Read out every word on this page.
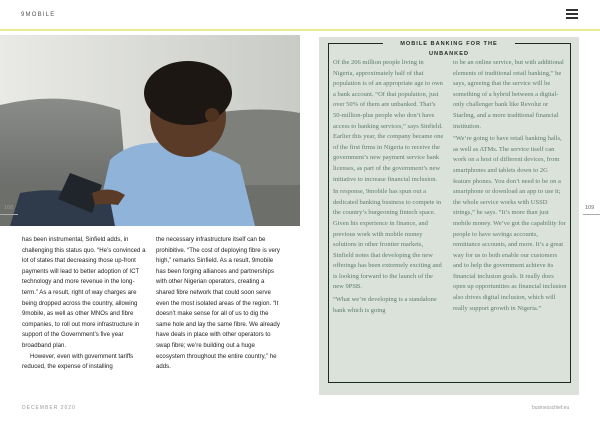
9MOBILE
108	109

has been instrumental, Sinfield adds, in challenging this status quo. “He’s convinced a lot of states that decreasing those up-front payments will lead to better adoption of ICT technology and more revenue in the long-term.” As a result, right of way charges are being dropped across the country, allowing 9mobile, as well as other MNOs and fibre companies, to roll out more infrastructure in support of the Government’s five year broadband plan.

However, even with government tariffs reduced, the expense of installing

the necessary infrastructure itself can be prohibitive. “The cost of deploying fibre is very high,” remarks Sinfield. As a result, 9mobile has been forging alliances and partnerships with other Nigerian operators, creating a shared fibre network that could soon serve even the most isolated areas of the region. “It doesn’t make sense for all of us to dig the same hole and lay the same fibre. We already have deals in place with other operators to swap fibre; we’re building out a huge ecosystem throughout the entire country,” he adds.

MOBILE BANKING FOR THE UNBANKED

Of the 206 million people living in Nigeria, approximately half of that population is of an appropriate age to own a bank account. “Of that population, just over 50% of them are unbanked. That’s 50-million-plus people who don’t have access to banking services,” says Sinfield. Earlier this year, the company became one of the first firms in Nigeria to receive the government’s new payment service bank licenses, as part of the government’s new initiative to increase financial inclusion.

In response, 9mobile has spun out a dedicated banking business to compete in the country’s burgeoning fintech space. Given his experience in finance, and previous work with mobile money solutions in other frontier markets, Sinfield notes that developing the new offerings has been extremely exciting and is looking forward to the launch of the new 9PSB.

“What we’re developing is a standalone bank which is going

to be an online service, but with additional elements of traditional retail banking,” he says, agreeing that the service will be something of a hybrid between a digital-only challenger bank like Revolut or Starling, and a more traditional financial institution.

“We’re going to have retail banking halls, as well as ATMs. The service itself can work on a host of different devices, from smartphones and tablets down to 2G feature phones. You don’t need to be on a smartphone or download an app to use it; the whole service works with USSD strings,” he says. “It’s more than just mobile money. We’ve got the capability for people to have savings accounts, remittance accounts, and more. It’s a great way for us to both enable our customers and to help the government achieve its financial inclusion goals. It really does open up opportunities as financial inclusion also drives digital inclusion, which will really support growth in Nigeria.”

DECEMBER 2020	businesschief.eu
